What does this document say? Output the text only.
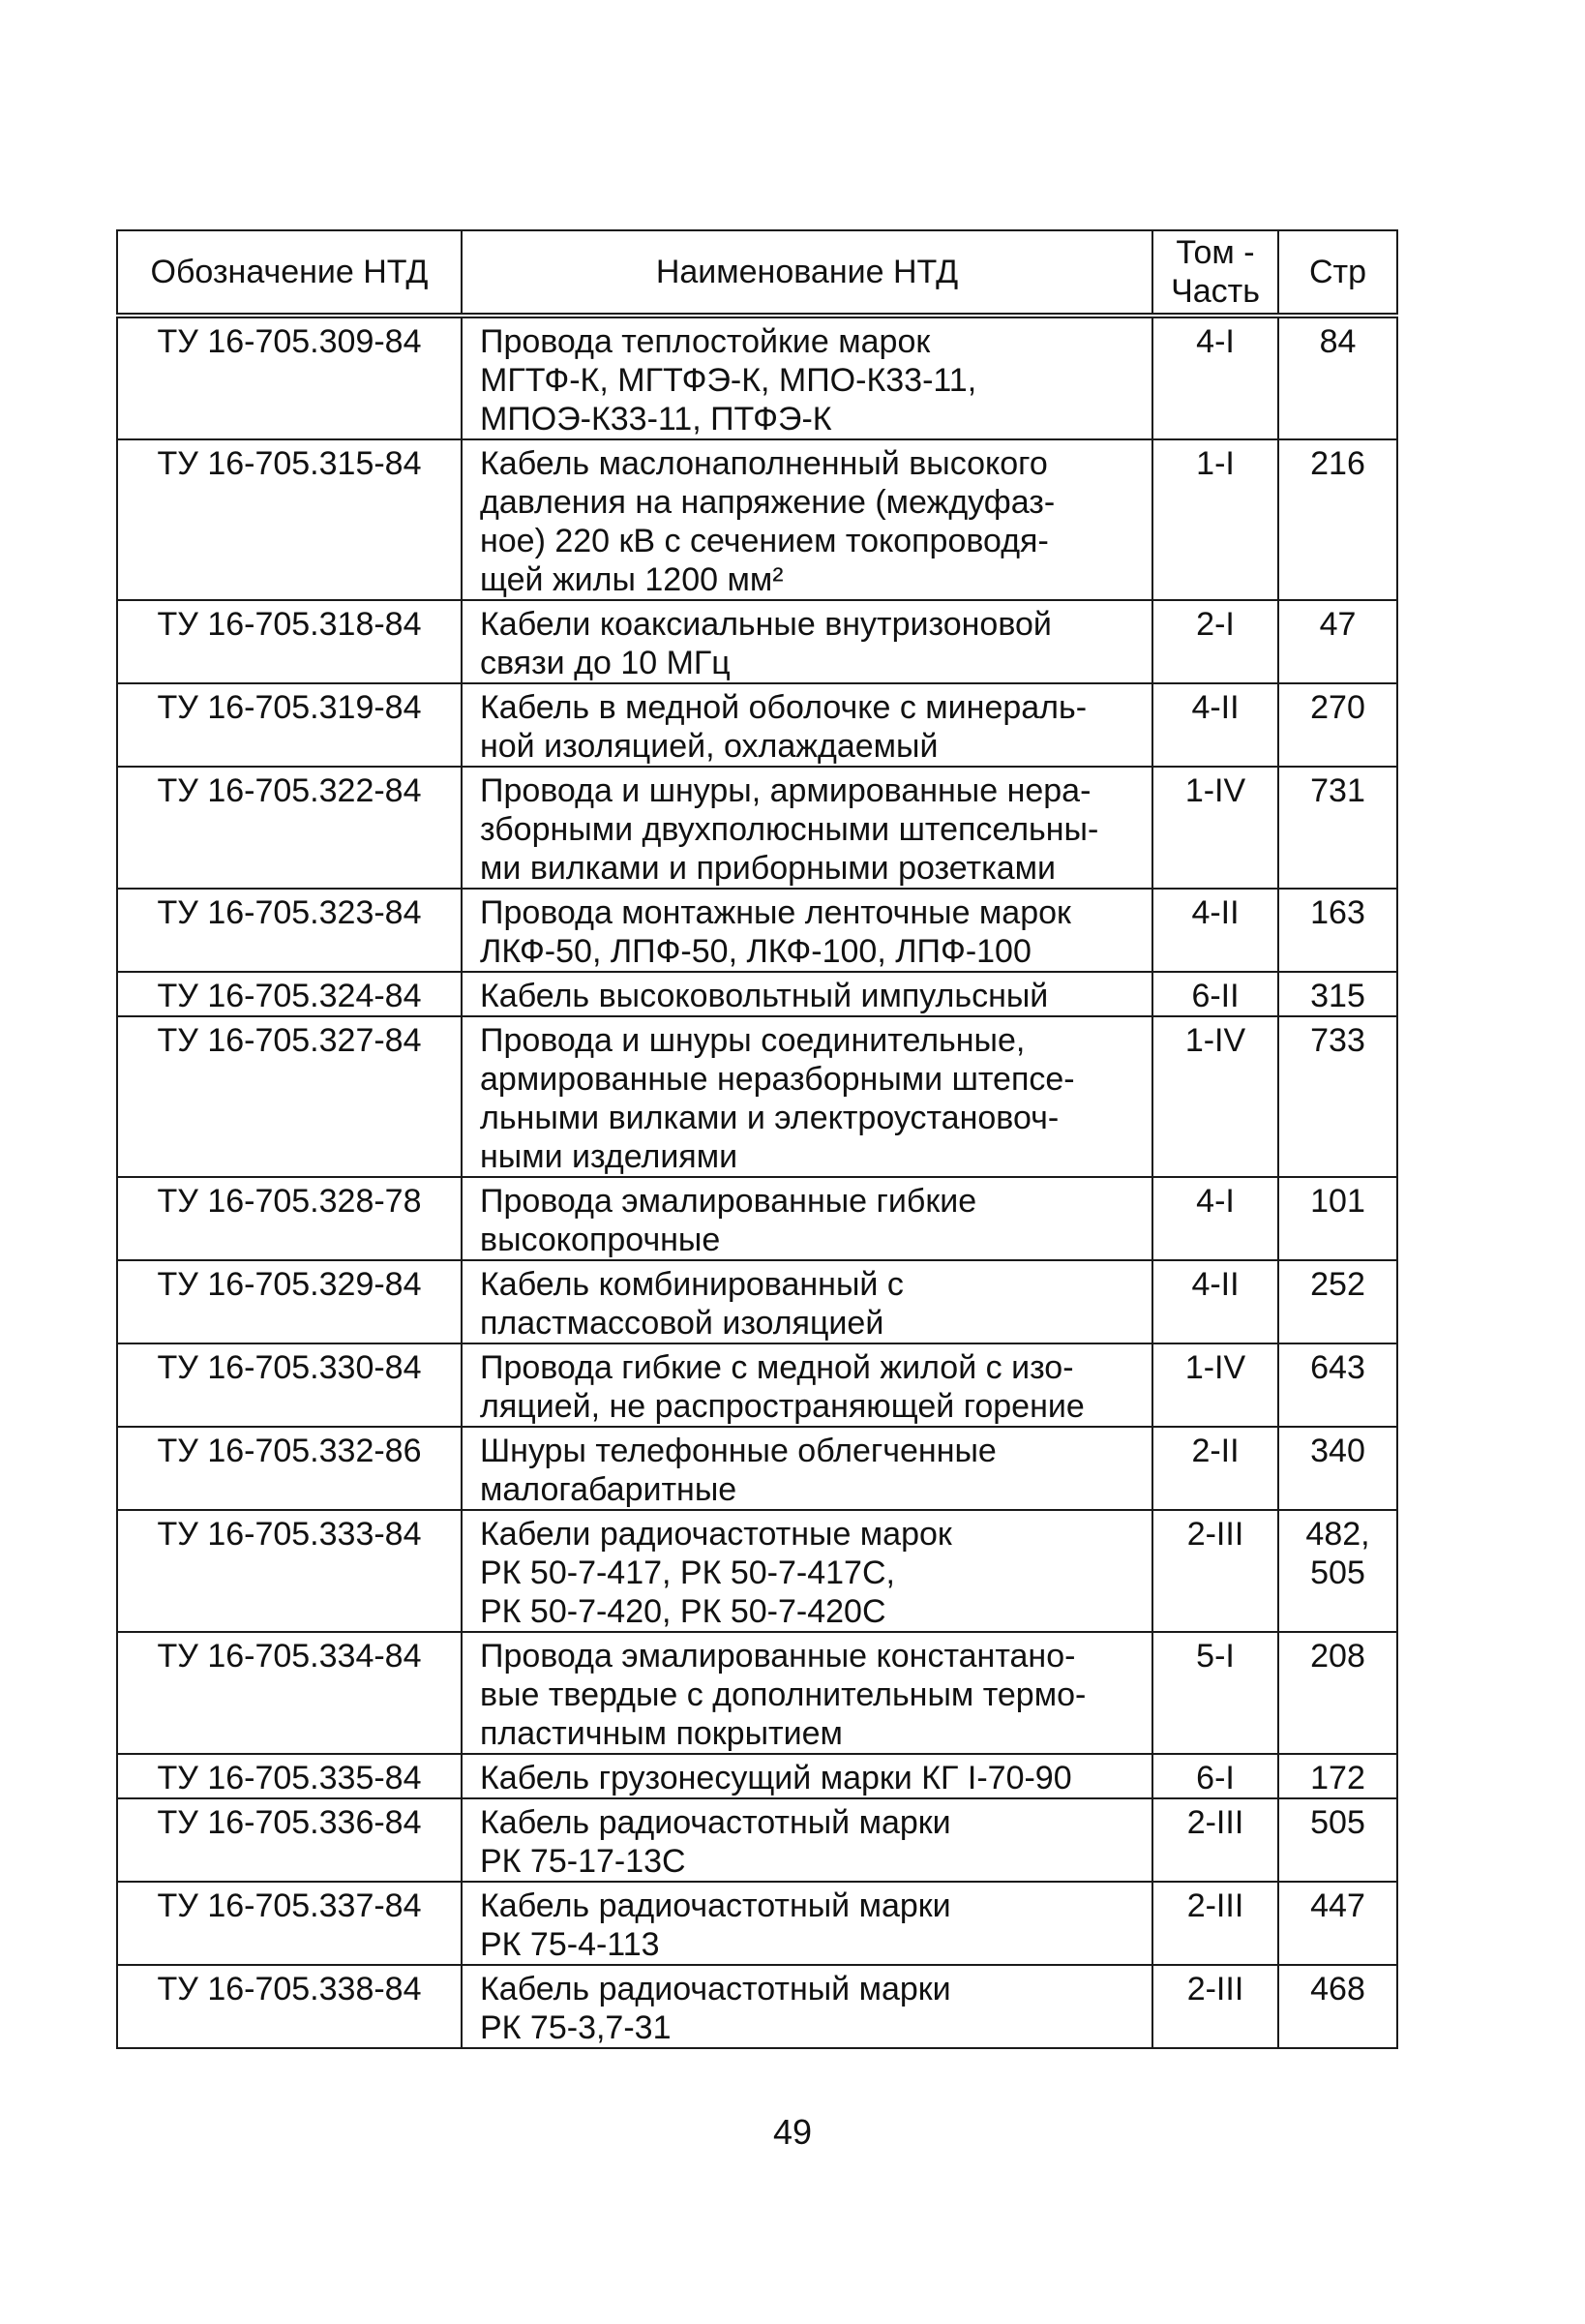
Обозначение НТД	Наименование НТД	Том - Часть	Стр
ТУ 16-705.309-84	Провода теплостойкие марок
МГТФ-К, МГТФЭ-К, МПО-К33-11,
МПОЭ-К33-11, ПТФЭ-К	4-I	84
ТУ 16-705.315-84	Кабель маслонаполненный высокого
давления на напряжение (междуфаз-
ное) 220 кВ с сечением токопроводя-
щей жилы 1200 мм²	1-I	216
ТУ 16-705.318-84	Кабели коаксиальные внутризоновой
связи до 10 МГц	2-I	47
ТУ 16-705.319-84	Кабель в медной оболочке с минераль-
ной изоляцией, охлаждаемый	4-II	270
ТУ 16-705.322-84	Провода и шнуры, армированные нера-
зборными двухполюсными штепсельны-
ми вилками и приборными розетками	1-IV	731
ТУ 16-705.323-84	Провода монтажные ленточные марок
ЛКФ-50, ЛПФ-50, ЛКФ-100, ЛПФ-100	4-II	163
ТУ 16-705.324-84	Кабель высоковольтный импульсный	6-II	315
ТУ 16-705.327-84	Провода и шнуры соединительные,
армированные неразборными штепсе-
льными вилками и электроустановоч-
ными изделиями	1-IV	733
ТУ 16-705.328-78	Провода эмалированные гибкие
высокопрочные	4-I	101
ТУ 16-705.329-84	Кабель комбинированный с
пластмассовой изоляцией	4-II	252
ТУ 16-705.330-84	Провода гибкие с медной жилой с изо-
ляцией, не распространяющей горение	1-IV	643
ТУ 16-705.332-86	Шнуры телефонные облегченные
малогабаритные	2-II	340
ТУ 16-705.333-84	Кабели радиочастотные марок
РК 50-7-417, РК 50-7-417С,
РК 50-7-420, РК 50-7-420С	2-III	482,
505
ТУ 16-705.334-84	Провода эмалированные константано-
вые твердые с дополнительным термо-
пластичным покрытием	5-I	208
ТУ 16-705.335-84	Кабель грузонесущий марки КГ I-70-90	6-I	172
ТУ 16-705.336-84	Кабель радиочастотный марки
РК 75-17-13С	2-III	505
ТУ 16-705.337-84	Кабель радиочастотный марки
РК 75-4-113	2-III	447
ТУ 16-705.338-84	Кабель радиочастотный марки
РК 75-3,7-31	2-III	468
49
